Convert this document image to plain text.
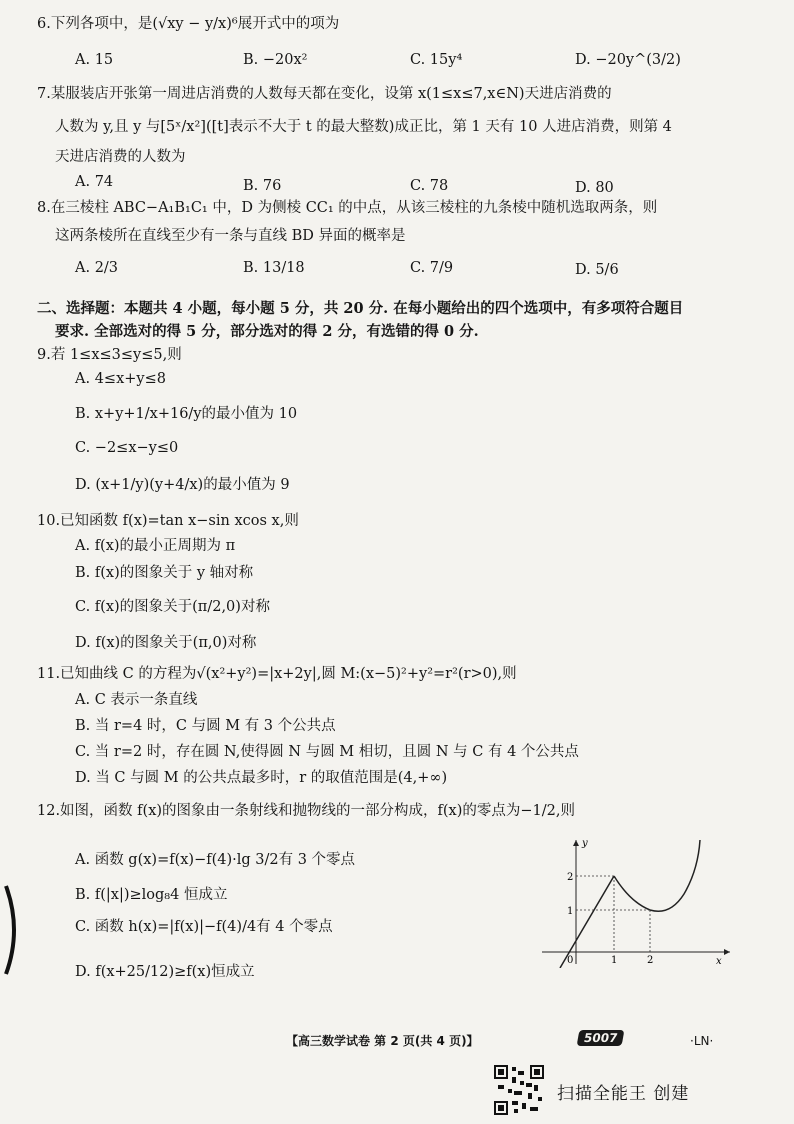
6.下列各项中，是(√xy − y/x)⁶展开式中的项为
A. 15	B. −20x²	C. 15y⁴	D. −20y^(3/2)
7.某服装店开张第一周进店消费的人数每天都在变化，设第 x(1≤x≤7,x∈N)天进店消费的
人数为 y,且 y 与[5ˣ/x²]([t]表示不大于 t 的最大整数)成正比，第 1 天有 10 人进店消费，则第 4
天进店消费的人数为
A. 74	B. 76	C. 78	D. 80
8.在三棱柱 ABC−A₁B₁C₁ 中，D 为侧棱 CC₁ 的中点，从该三棱柱的九条棱中随机选取两条，则
这两条棱所在直线至少有一条与直线 BD 异面的概率是
A. 2/3	B. 13/18	C. 7/9	D. 5/6
二、选择题：本题共 4 小题，每小题 5 分，共 20 分. 在每小题给出的四个选项中，有多项符合题目
要求. 全部选对的得 5 分，部分选对的得 2 分，有选错的得 0 分.
9.若 1≤x≤3≤y≤5,则
A. 4≤x+y≤8
B. x+y+1/x+16/y的最小值为 10
C. −2≤x−y≤0
D. (x+1/y)(y+4/x)的最小值为 9
10.已知函数 f(x)=tan x−sin xcos x,则
A. f(x)的最小正周期为 π
B. f(x)的图象关于 y 轴对称
C. f(x)的图象关于(π/2,0)对称
D. f(x)的图象关于(π,0)对称
11.已知曲线 C 的方程为√(x²+y²)=|x+2y|,圆 M:(x−5)²+y²=r²(r>0),则
A. C 表示一条直线
B. 当 r=4 时，C 与圆 M 有 3 个公共点
C. 当 r=2 时，存在圆 N,使得圆 N 与圆 M 相切，且圆 N 与 C 有 4 个公共点
D. 当 C 与圆 M 的公共点最多时，r 的取值范围是(4,+∞)
12.如图，函数 f(x)的图象由一条射线和抛物线的一部分构成，f(x)的零点为−1/2,则
A. 函数 g(x)=f(x)−f(4)·lg 3/2有 3 个零点
B. f(|x|)≥log₈4 恒成立
C. 函数 h(x)=|f(x)|−f(4)/4有 4 个零点
D. f(x+25/12)≥f(x)恒成立
y
x
0	1	2
1
2
【高三数学试卷 第 2 页(共 4 页)】	5007	·LN·
扫描全能王 创建
